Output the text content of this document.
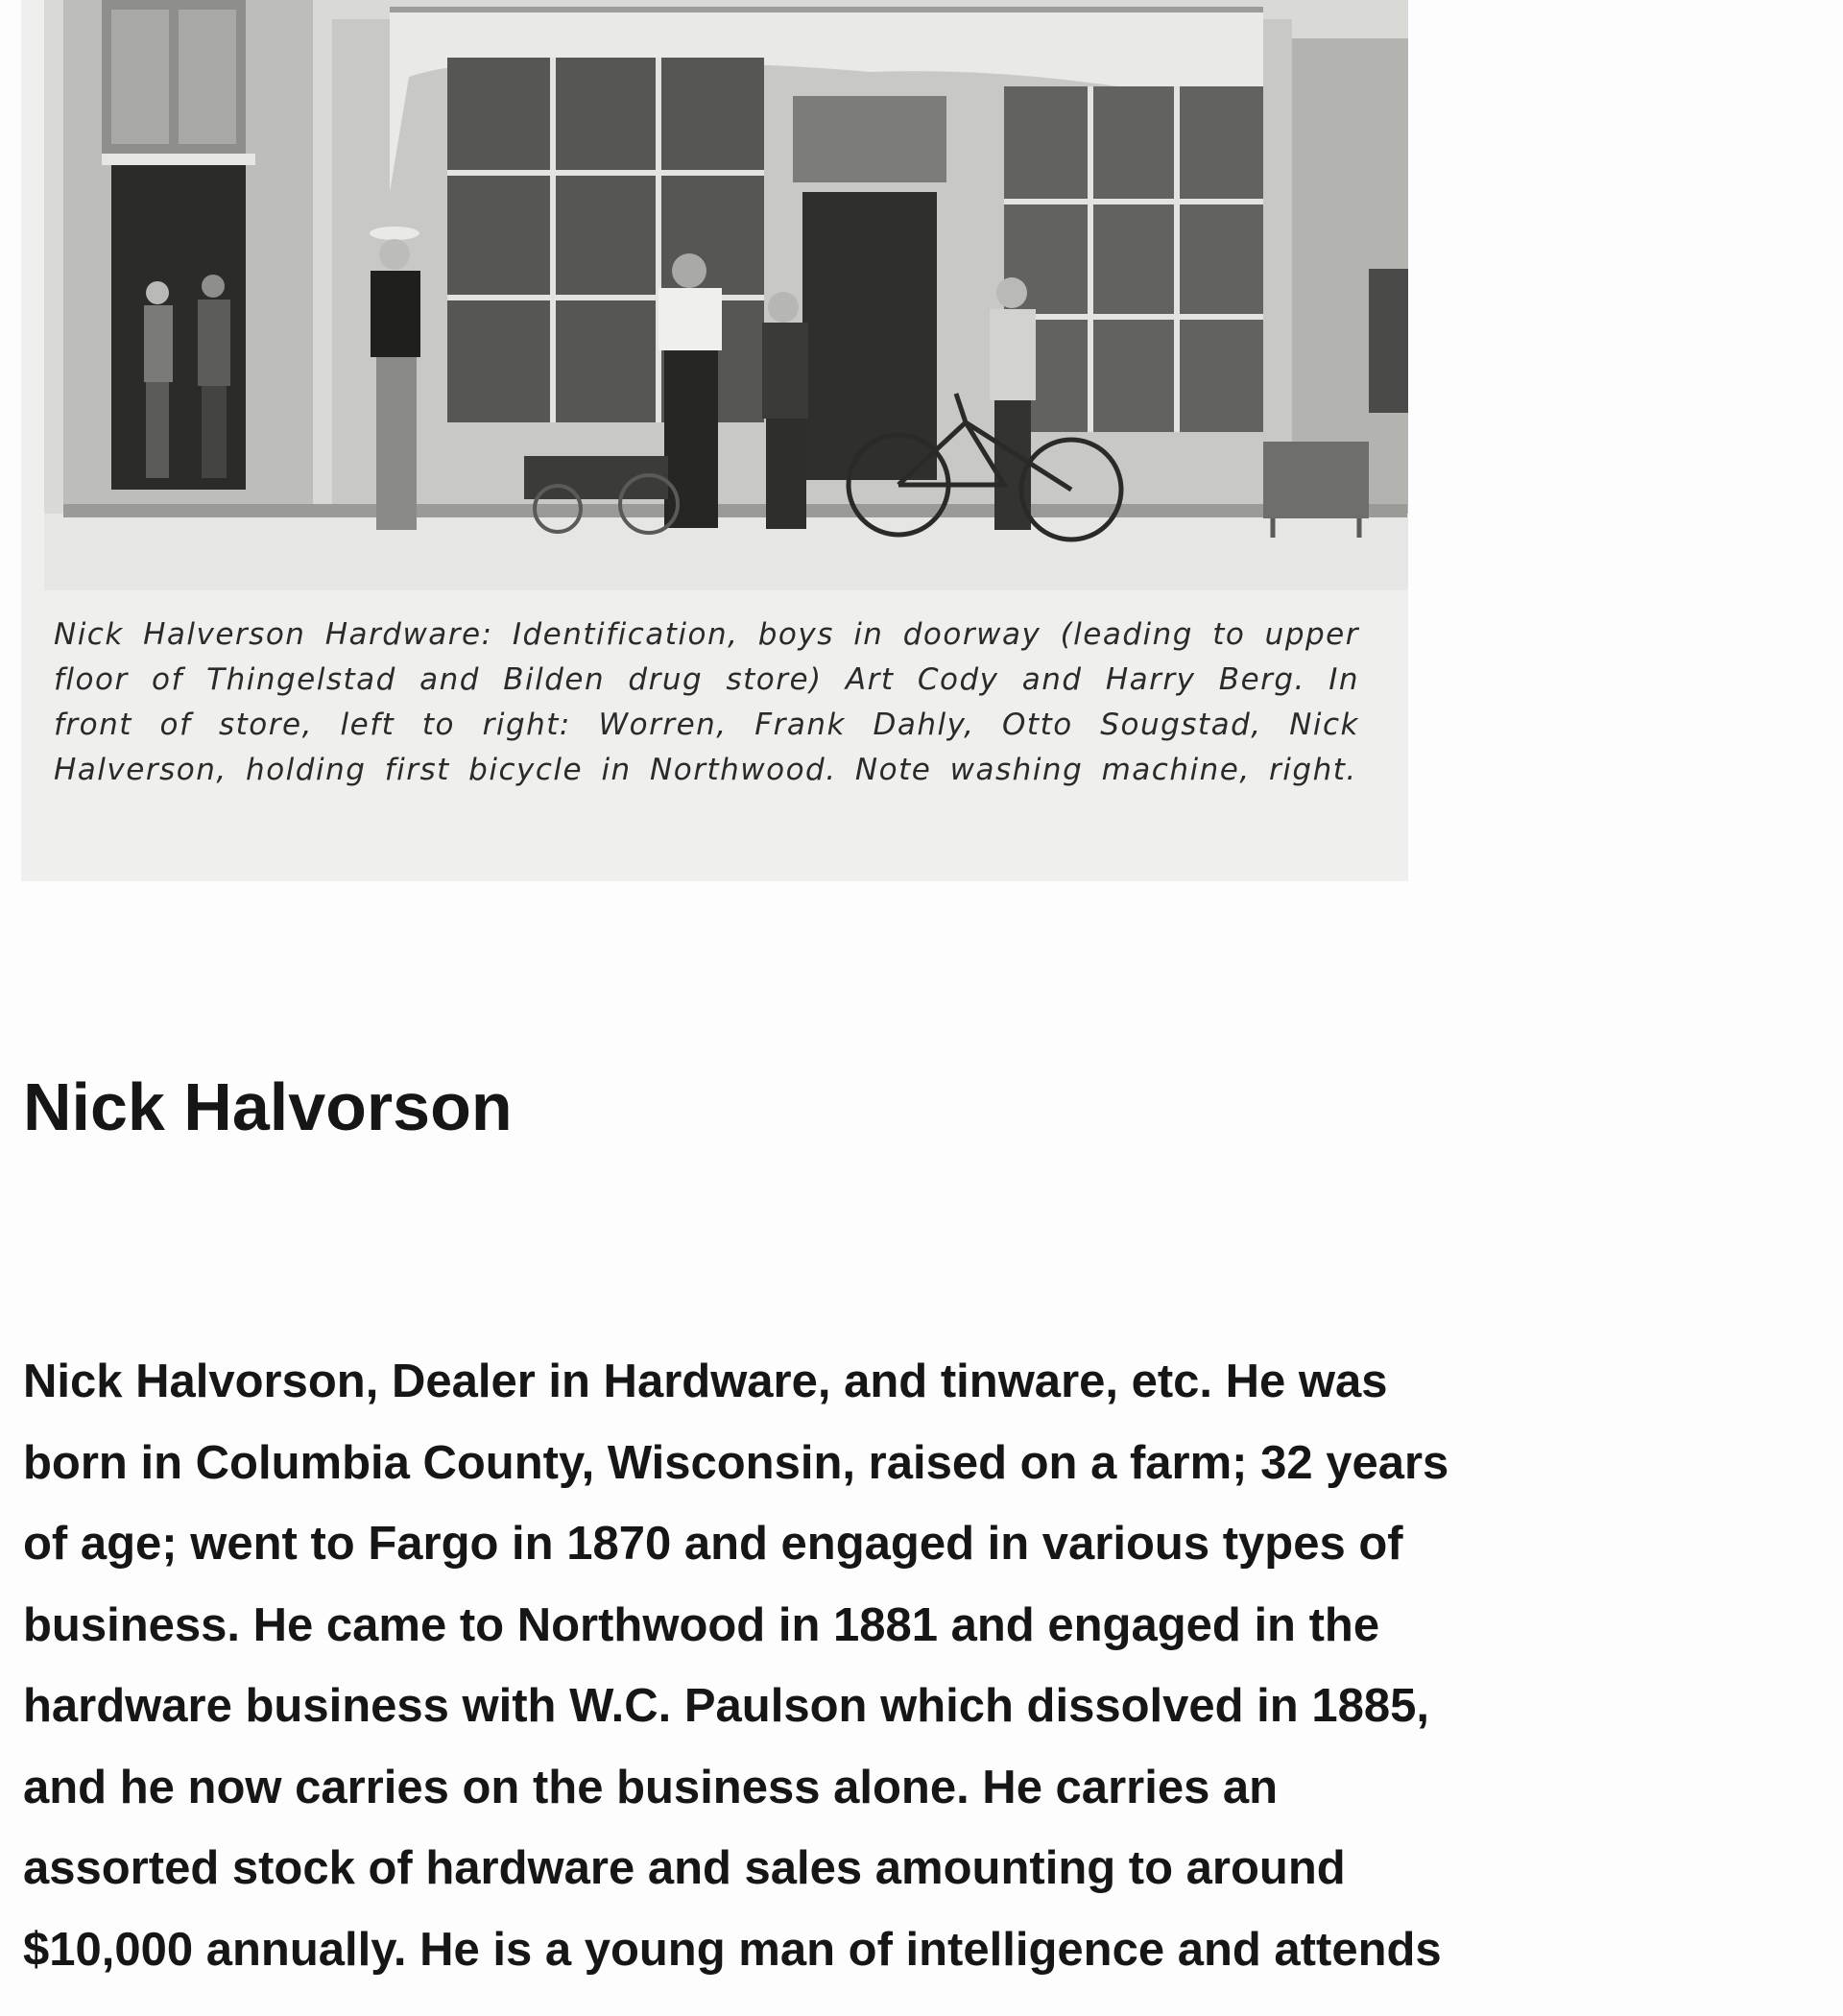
Nick Halverson Hardware: Identification, boys in doorway (leading to upper floor of Thingelstad and Bilden drug store) Art Cody and Harry Berg. In front of store, left to right: Worren, Frank Dahly, Otto Sougstad, Nick Halverson, holding first bicycle in Northwood. Note washing machine, right.
Nick Halvorson

Nick Halvorson, Dealer in Hardware, and tinware, etc. He was
born in Columbia County, Wisconsin, raised on a farm; 32 years
of age; went to Fargo in 1870 and engaged in various types of
business. He came to Northwood in 1881 and engaged in the
hardware business with W.C. Paulson which dissolved in 1885,
and he now carries on the business alone. He carries an
assorted stock of hardware and sales amounting to around
$10,000 annually. He is a young man of intelligence and attends
